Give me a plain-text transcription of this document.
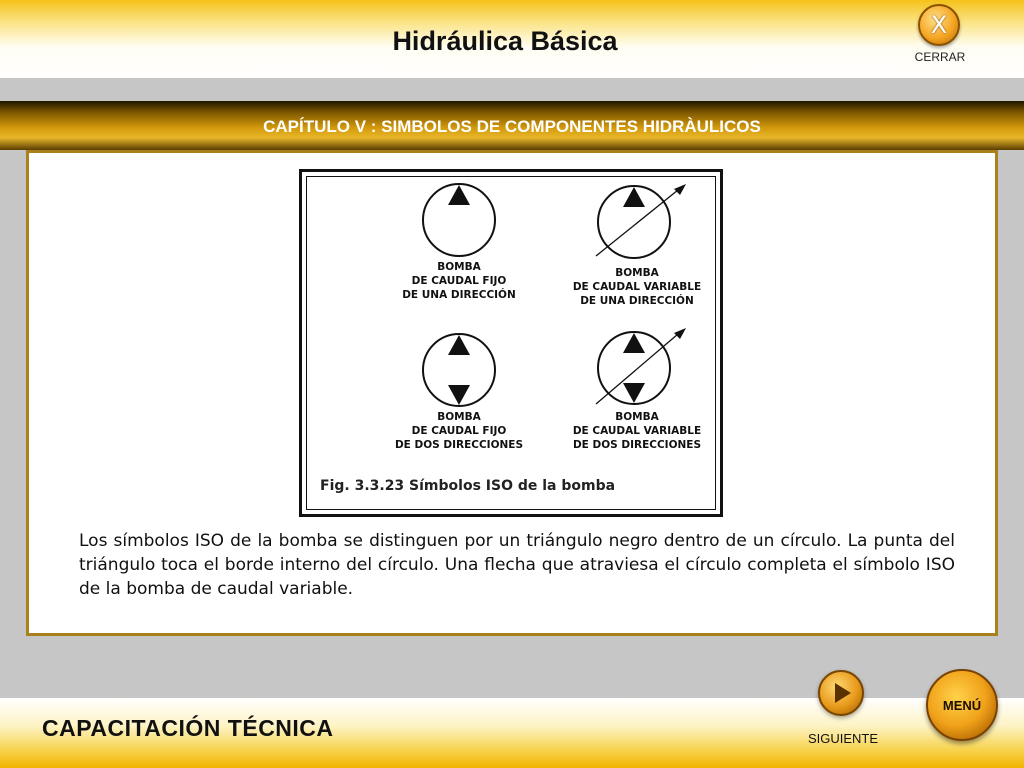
Hidráulica Básica
X
CERRAR
CAPÍTULO V : SIMBOLOS DE COMPONENTES HIDRÀULICOS
BOMBA
DE CAUDAL FIJO
DE UNA DIRECCIÓN
BOMBA
DE CAUDAL VARIABLE
DE UNA DIRECCIÓN
BOMBA
DE CAUDAL FIJO
DE DOS DIRECCIONES
BOMBA
DE CAUDAL VARIABLE
DE DOS DIRECCIONES
Fig. 3.3.23 Símbolos ISO de la bomba

Los símbolos ISO de la bomba se distinguen por un triángulo negro dentro de un círculo. La punta del triángulo toca el borde interno del círculo. Una flecha que atraviesa el círculo completa el símbolo ISO de la bomba de caudal variable.

CAPACITACIÓN TÉCNICA	SIGUIENTE
MENÚ
